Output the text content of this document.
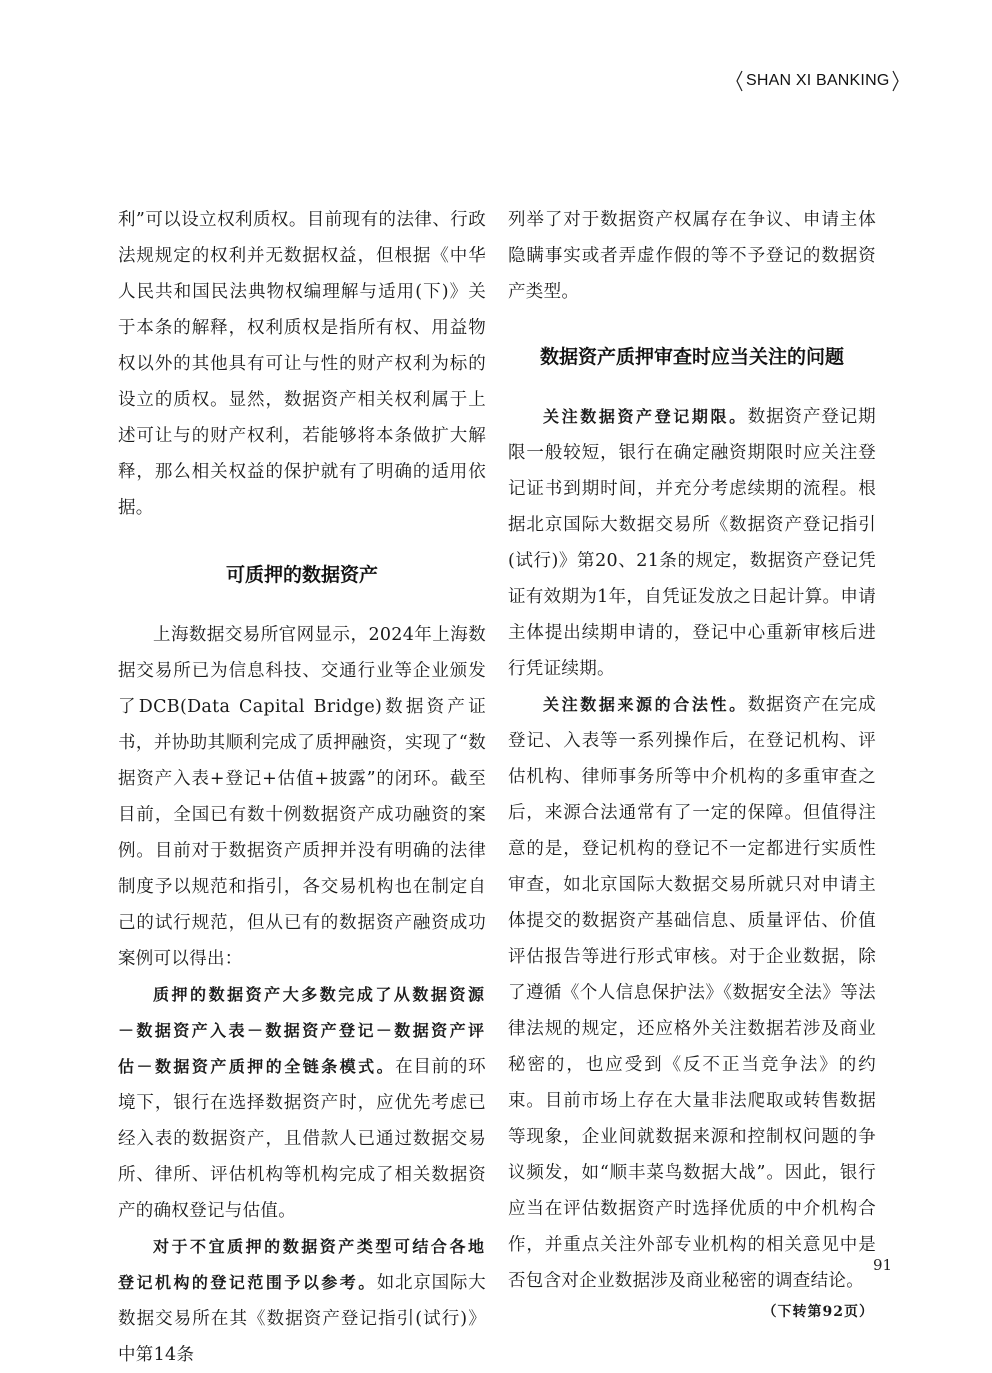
SHAN XI BANKING

利”可以设立权利质权。目前现有的法律、行政法规规定的权利并无数据权益，但根据《中华人民共和国民法典物权编理解与适用(下)》关于本条的解释，权利质权是指所有权、用益物权以外的其他具有可让与性的财产权利为标的设立的质权。显然，数据资产相关权利属于上述可让与的财产权利，若能够将本条做扩大解释，那么相关权益的保护就有了明确的适用依据。

可质押的数据资产

上海数据交易所官网显示，2024年上海数据交易所已为信息科技、交通行业等企业颁发了DCB(Data Capital Bridge)数据资产证书，并协助其顺利完成了质押融资，实现了“数据资产入表+登记+估值+披露”的闭环。截至目前，全国已有数十例数据资产成功融资的案例。目前对于数据资产质押并没有明确的法律制度予以规范和指引，各交易机构也在制定自己的试行规范，但从已有的数据资产融资成功案例可以得出：

质押的数据资产大多数完成了从数据资源－数据资产入表－数据资产登记－数据资产评估－数据资产质押的全链条模式。在目前的环境下，银行在选择数据资产时，应优先考虑已经入表的数据资产，且借款人已通过数据交易所、律所、评估机构等机构完成了相关数据资产的确权登记与估值。

对于不宜质押的数据资产类型可结合各地登记机构的登记范围予以参考。如北京国际大数据交易所在其《数据资产登记指引(试行)》中第14条

列举了对于数据资产权属存在争议、申请主体隐瞒事实或者弄虚作假的等不予登记的数据资产类型。

数据资产质押审查时应当关注的问题

关注数据资产登记期限。数据资产登记期限一般较短，银行在确定融资期限时应关注登记证书到期时间，并充分考虑续期的流程。根据北京国际大数据交易所《数据资产登记指引(试行)》第20、21条的规定，数据资产登记凭证有效期为1年，自凭证发放之日起计算。申请主体提出续期申请的，登记中心重新审核后进行凭证续期。

关注数据来源的合法性。数据资产在完成登记、入表等一系列操作后，在登记机构、评估机构、律师事务所等中介机构的多重审查之后，来源合法通常有了一定的保障。但值得注意的是，登记机构的登记不一定都进行实质性审查，如北京国际大数据交易所就只对申请主体提交的数据资产基础信息、质量评估、价值评估报告等进行形式审核。对于企业数据，除了遵循《个人信息保护法》《数据安全法》等法律法规的规定，还应格外关注数据若涉及商业秘密的，也应受到《反不正当竞争法》的约束。目前市场上存在大量非法爬取或转售数据等现象，企业间就数据来源和控制权问题的争议频发，如“顺丰菜鸟数据大战”。因此，银行应当在评估数据资产时选择优质的中介机构合作，并重点关注外部专业机构的相关意见中是否包含对企业数据涉及商业秘密的调查结论。

（下转第92页）

91
